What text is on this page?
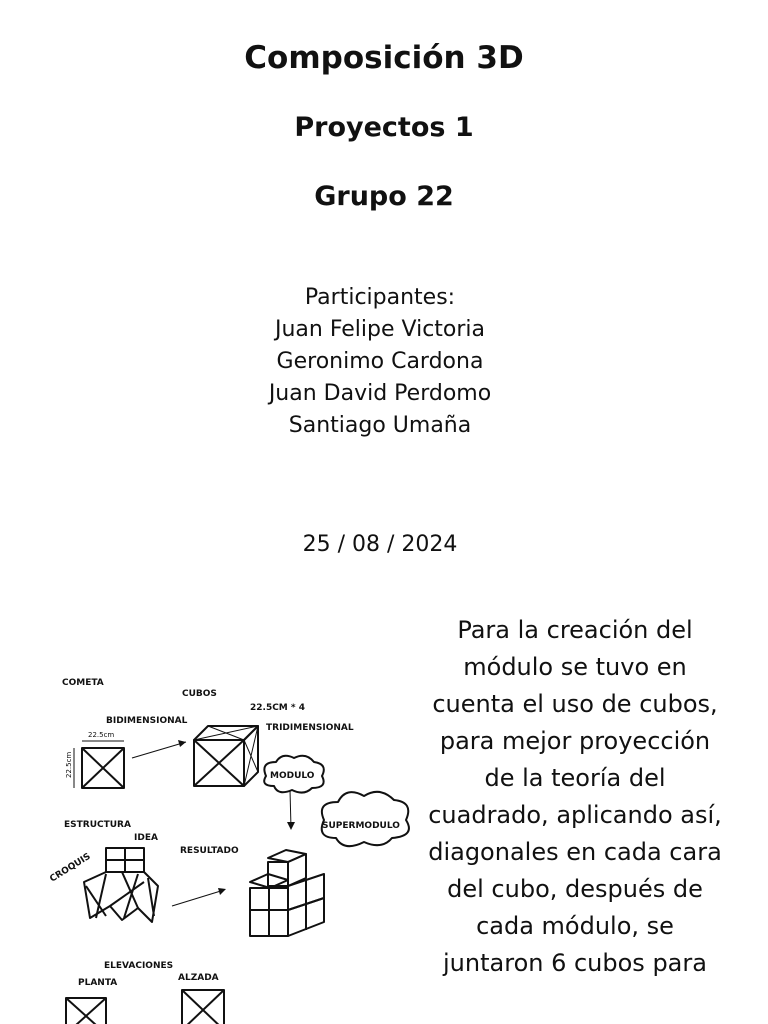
Composición 3D
Proyectos 1
Grupo 22
Participantes:
Juan Felipe Victoria
Geronimo Cardona
Juan David Perdomo
Santiago Umaña
25 / 08 / 2024
Para la creación del módulo se tuvo en cuenta el uso de cubos, para mejor proyección de la teoría del cuadrado, aplicando así, diagonales en cada cara del cubo, después de cada módulo, se juntaron 6 cubos para
COMETA
CUBOS
22.5CM * 4
BIDIMENSIONAL
TRIDIMENSIONAL
22.5cm
22.5cm	MODULO
SUPERMODULO
ESTRUCTURA
IDEA
RESULTADO
CROQUIS
ELEVACIONES
ALZADA
PLANTA
